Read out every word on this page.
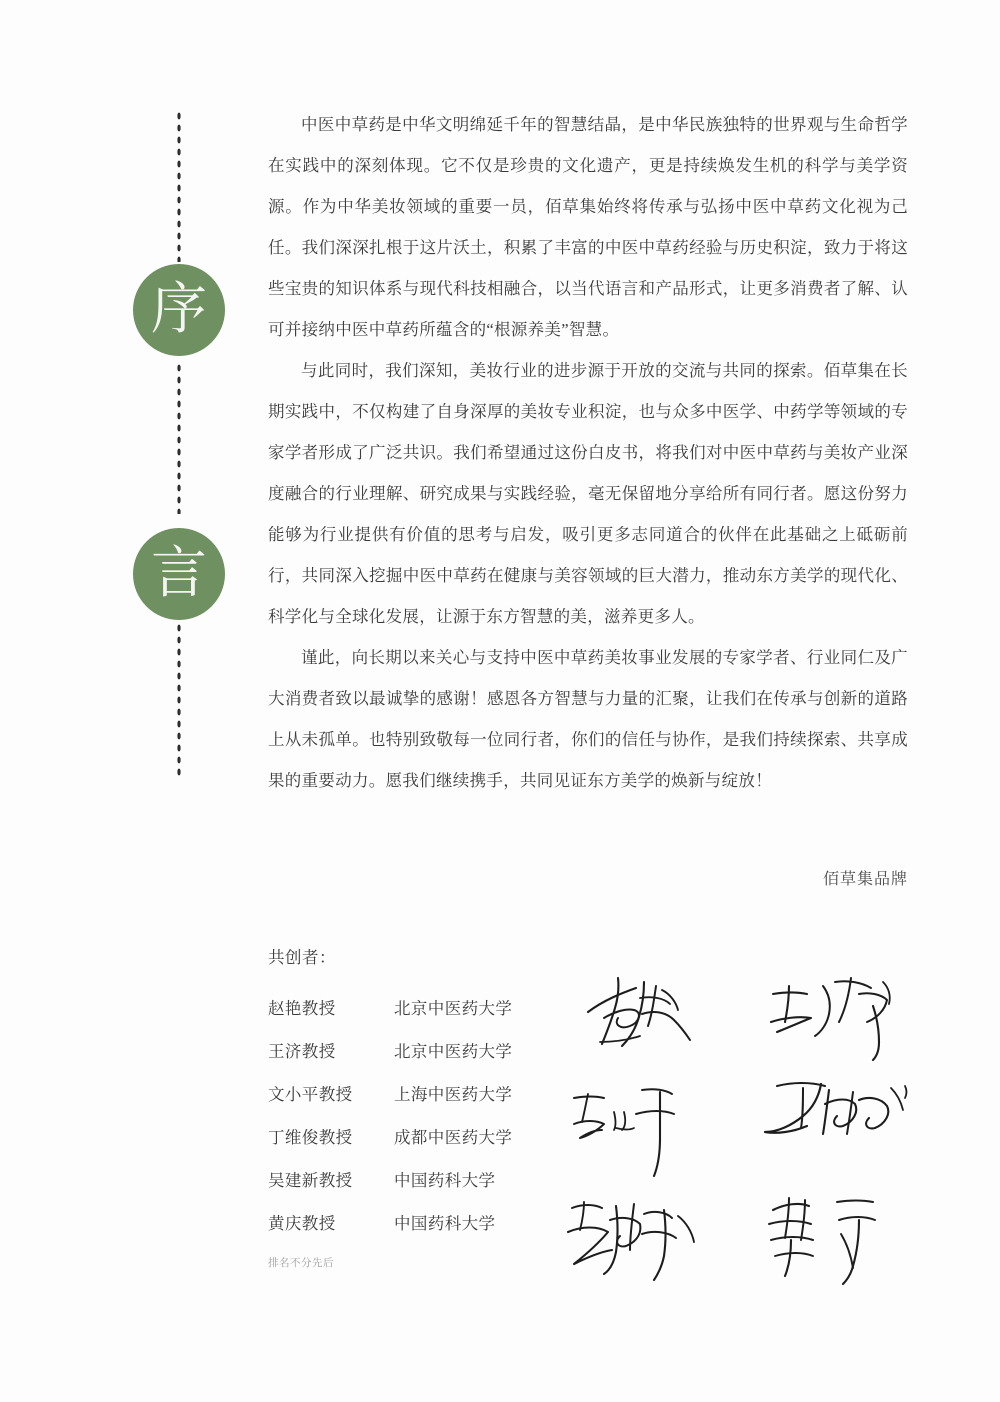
序
言

中医中草药是中华文明绵延千年的智慧结晶，是中华民族独特的世界观与生命哲学在实践中的深刻体现。它不仅是珍贵的文化遗产，更是持续焕发生机的科学与美学资源。作为中华美妆领域的重要一员，佰草集始终将传承与弘扬中医中草药文化视为己任。我们深深扎根于这片沃土，积累了丰富的中医中草药经验与历史积淀，致力于将这些宝贵的知识体系与现代科技相融合，以当代语言和产品形式，让更多消费者了解、认可并接纳中医中草药所蕴含的“根源养美”智慧。

与此同时，我们深知，美妆行业的进步源于开放的交流与共同的探索。佰草集在长期实践中，不仅构建了自身深厚的美妆专业积淀，也与众多中医学、中药学等领域的专家学者形成了广泛共识。我们希望通过这份白皮书，将我们对中医中草药与美妆产业深度融合的行业理解、研究成果与实践经验，毫无保留地分享给所有同行者。愿这份努力能够为行业提供有价值的思考与启发，吸引更多志同道合的伙伴在此基础之上砥砺前行，共同深入挖掘中医中草药在健康与美容领域的巨大潜力，推动东方美学的现代化、科学化与全球化发展，让源于东方智慧的美，滋养更多人。

谨此，向长期以来关心与支持中医中草药美妆事业发展的专家学者、行业同仁及广大消费者致以最诚挚的感谢！感恩各方智慧与力量的汇聚，让我们在传承与创新的道路上从未孤单。也特别致敬每一位同行者，你们的信任与协作，是我们持续探索、共享成果的重要动力。愿我们继续携手，共同见证东方美学的焕新与绽放！

佰草集品牌
共创者：
赵艳教授	北京中医药大学
王济教授	北京中医药大学
文小平教授	上海中医药大学
丁维俊教授	成都中医药大学
吴建新教授	中国药科大学
黄庆教授	中国药科大学
排名不分先后
